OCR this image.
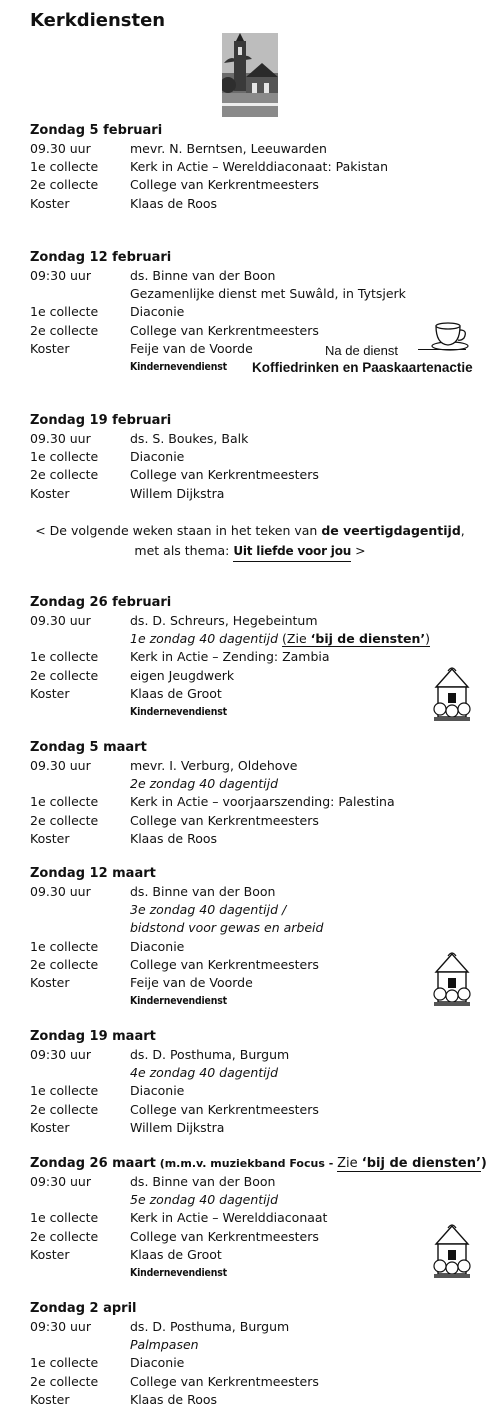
Kerkdiensten
Zondag 5 februari
09.30 uur	mevr. N. Berntsen, Leeuwarden
1e collecte	Kerk in Actie – Werelddiaconaat: Pakistan
2e collecte	College van Kerkrentmeesters
Koster	Klaas de Roos
Zondag 12 februari
09:30 uur	ds. Binne van der Boon
Gezamenlijke dienst met Suwâld, in Tytsjerk
1e collecte	Diaconie
2e collecte	College van Kerkrentmeesters
Koster	Feije van de Voorde
Kindernevendienst
Na de dienst
Koffiedrinken en Paaskaartenactie
Zondag 19 februari
09.30 uur	ds. S. Boukes, Balk
1e collecte	Diaconie
2e collecte	College van Kerkrentmeesters
Koster	Willem Dijkstra
< De volgende weken staan in het teken van de veertigdagentijd,
met als thema: Uit liefde voor jou >
Zondag 26 februari
09.30 uur	ds. D. Schreurs, Hegebeintum
1e zondag 40 dagentijd (Zie ‘bij de diensten’)
1e collecte	Kerk in Actie – Zending: Zambia
2e collecte	eigen Jeugdwerk
Koster	Klaas de Groot
Kindernevendienst
Zondag 5 maart
09.30 uur	mevr. I. Verburg, Oldehove
2e zondag 40 dagentijd
1e collecte	Kerk in Actie – voorjaarszending: Palestina
2e collecte	College van Kerkrentmeesters
Koster	Klaas de Roos
Zondag 12 maart
09.30 uur	ds. Binne van der Boon
3e zondag 40 dagentijd /
bidstond voor gewas en arbeid
1e collecte	Diaconie
2e collecte	College van Kerkrentmeesters
Koster	Feije van de Voorde
Kindernevendienst
Zondag 19 maart
09:30 uur	ds. D. Posthuma, Burgum
4e zondag 40 dagentijd
1e collecte	Diaconie
2e collecte	College van Kerkrentmeesters
Koster	Willem Dijkstra
Zondag 26 maart (m.m.v. muziekband Focus - Zie ‘bij de diensten’)
09:30 uur	ds. Binne van der Boon
5e zondag 40 dagentijd
1e collecte	Kerk in Actie – Werelddiaconaat
2e collecte	College van Kerkrentmeesters
Koster	Klaas de Groot
Kindernevendienst
Zondag 2 april
09:30 uur	ds. D. Posthuma, Burgum
Palmpasen
1e collecte	Diaconie
2e collecte	College van Kerkrentmeesters
Koster	Klaas de Roos
